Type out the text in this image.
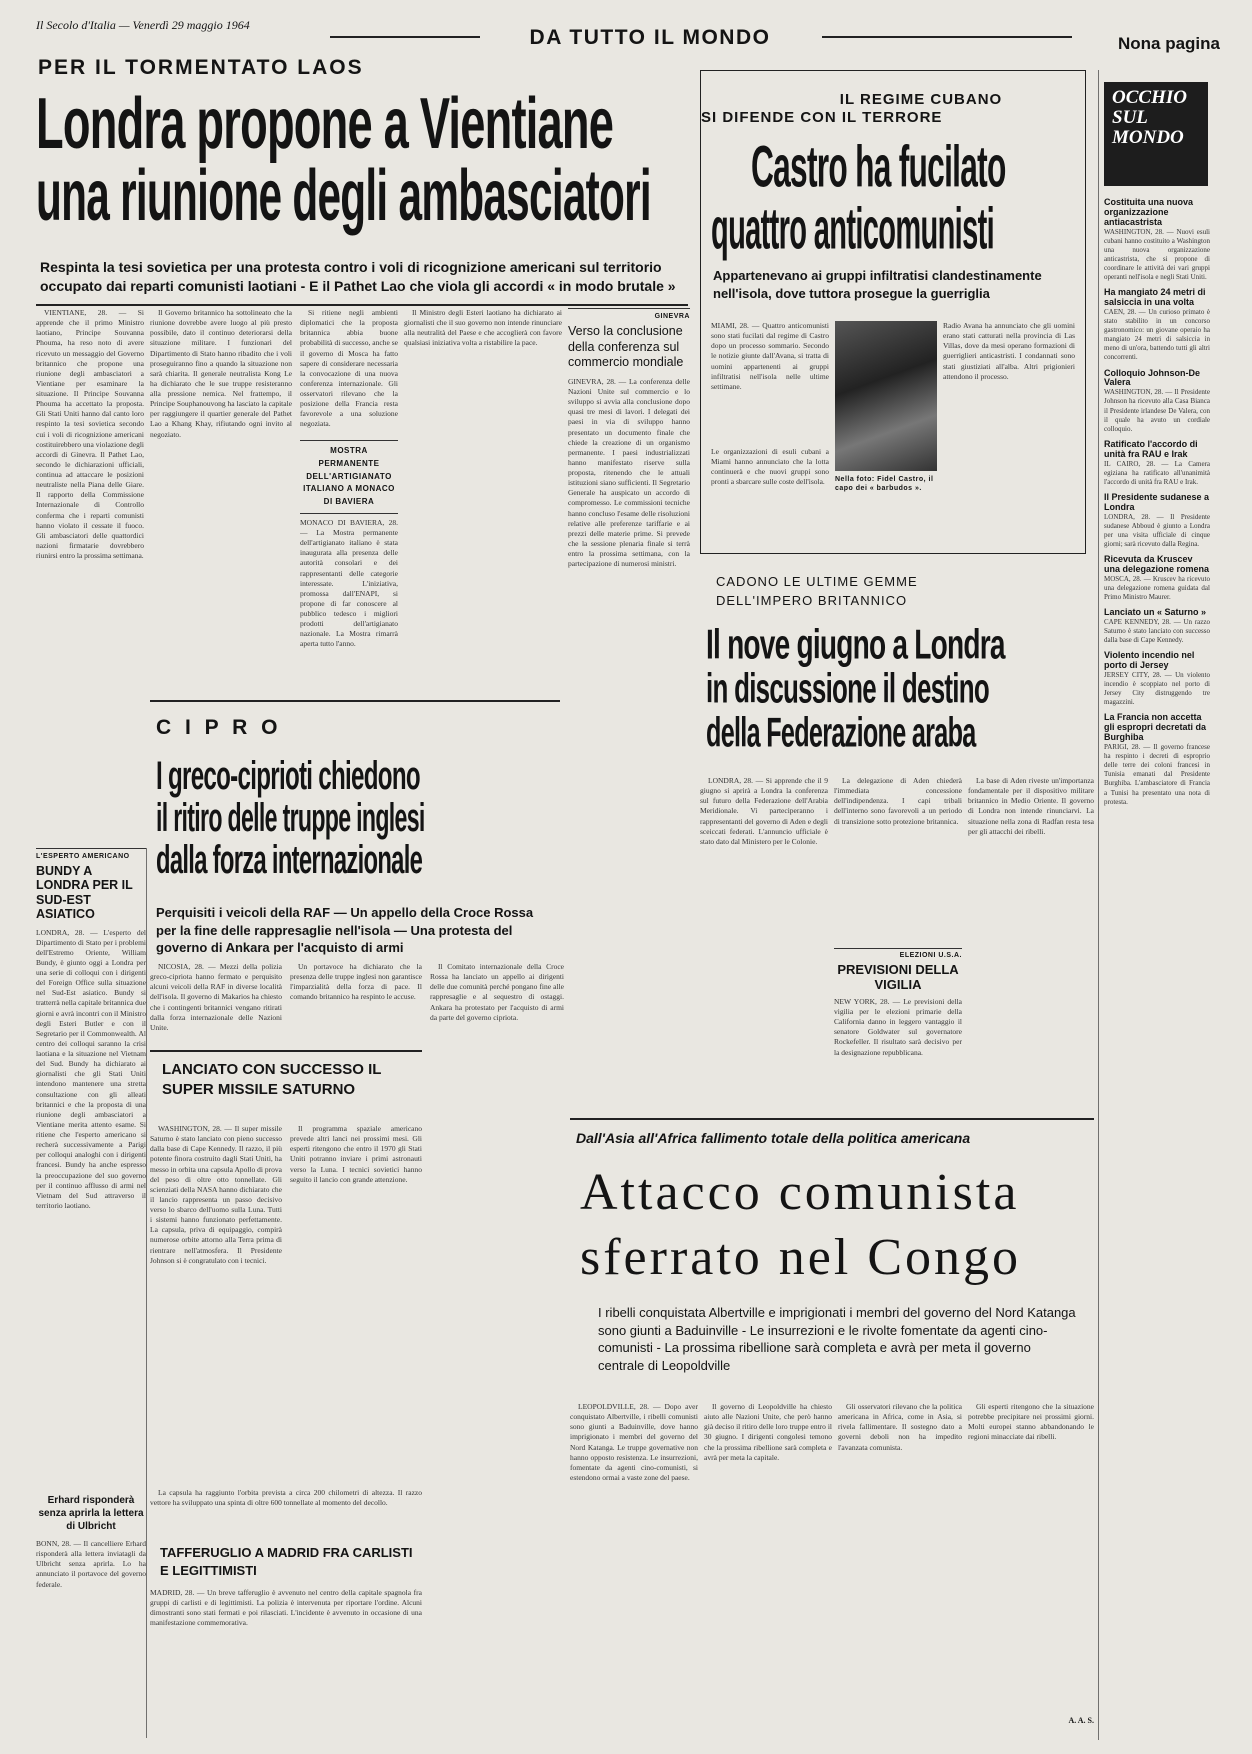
Il Secolo d'Italia — Venerdì 29 maggio 1964
DA TUTTO IL MONDO	Nona pagina
PER IL TORMENTATO LAOS
Londra propone a Vientiane
una riunione degli ambasciatori
Respinta la tesi sovietica per una protesta contro i voli di ricognizione americani sul territorio occupato dai reparti comunisti laotiani - E il Pathet Lao che viola gli accordi « in modo brutale »

VIENTIANE, 28. — Si apprende che il primo Ministro laotiano, Principe Souvanna Phouma, ha reso noto di avere ricevuto un messaggio del Governo britannico che propone una riunione degli ambasciatori a Vientiane per esaminare la situazione. Il Principe Souvanna Phouma ha accettato la proposta. Gli Stati Uniti hanno dal canto loro respinto la tesi sovietica secondo cui i voli di ricognizione americani costituirebbero una violazione degli accordi di Ginevra. Il Pathet Lao, secondo le dichiarazioni ufficiali, continua ad attaccare le posizioni neutraliste nella Piana delle Giare. Il rapporto della Commissione Internazionale di Controllo conferma che i reparti comunisti hanno violato il cessate il fuoco. Gli ambasciatori delle quattordici nazioni firmatarie dovrebbero riunirsi entro la prossima settimana.

Il Governo britannico ha sottolineato che la riunione dovrebbe avere luogo al più presto possibile, dato il continuo deteriorarsi della situazione militare. I funzionari del Dipartimento di Stato hanno ribadito che i voli proseguiranno fino a quando la situazione non sarà chiarita. Il generale neutralista Kong Le ha dichiarato che le sue truppe resisteranno alla pressione nemica. Nel frattempo, il Principe Souphanouvong ha lasciato la capitale per raggiungere il quartier generale del Pathet Lao a Khang Khay, rifiutando ogni invito al negoziato.

Si ritiene negli ambienti diplomatici che la proposta britannica abbia buone probabilità di successo, anche se il governo di Mosca ha fatto sapere di considerare necessaria la convocazione di una nuova conferenza internazionale. Gli osservatori rilevano che la posizione della Francia resta favorevole a una soluzione negoziata.

Il Ministro degli Esteri laotiano ha dichiarato ai giornalisti che il suo governo non intende rinunciare alla neutralità del Paese e che accoglierà con favore qualsiasi iniziativa volta a ristabilire la pace.

MOSTRA PERMANENTE DELL'ARTIGIANATO ITALIANO A MONACO DI BAVIERA
MONACO DI BAVIERA, 28. — La Mostra permanente dell'artigianato italiano è stata inaugurata alla presenza delle autorità consolari e dei rappresentanti delle categorie interessate. L'iniziativa, promossa dall'ENAPI, si propone di far conoscere al pubblico tedesco i migliori prodotti dell'artigianato nazionale. La Mostra rimarrà aperta tutto l'anno.
GINEVRA
Verso la conclusione della conferenza sul commercio mondiale
GINEVRA, 28. — La conferenza delle Nazioni Unite sul commercio e lo sviluppo si avvia alla conclusione dopo quasi tre mesi di lavori. I delegati dei paesi in via di sviluppo hanno presentato un documento finale che chiede la creazione di un organismo permanente. I paesi industrializzati hanno manifestato riserve sulla proposta, ritenendo che le attuali istituzioni siano sufficienti. Il Segretario Generale ha auspicato un accordo di compromesso. Le commissioni tecniche hanno concluso l'esame delle risoluzioni relative alle preferenze tariffarie e ai prezzi delle materie prime. Si prevede che la sessione plenaria finale si terrà entro la prossima settimana, con la partecipazione di numerosi ministri.
IL REGIME CUBANO
SI DIFENDE CON IL TERRORE
Castro ha fucilato
quattro anticomunisti
Appartenevano ai gruppi infiltratisi clandestinamente nell'isola, dove tuttora prosegue la guerriglia
Nella foto: Fidel Castro, il capo dei « barbudos ».
MIAMI, 28. — Quattro anticomunisti sono stati fucilati dal regime di Castro dopo un processo sommario. Secondo le notizie giunte dall'Avana, si tratta di uomini appartenenti ai gruppi infiltratisi nell'isola nelle ultime settimane.
Le organizzazioni di esuli cubani a Miami hanno annunciato che la lotta continuerà e che nuovi gruppi sono pronti a sbarcare sulle coste dell'isola.
Radio Avana ha annunciato che gli uomini erano stati catturati nella provincia di Las Villas, dove da mesi operano formazioni di guerriglieri anticastristi. I condannati sono stati giustiziati all'alba. Altri prigionieri attendono il processo.
OCCHIO
SUL
MONDO
Costituita una nuova organizzazione antiacastrista
WASHINGTON, 28. — Nuovi esuli cubani hanno costituito a Washington una nuova organizzazione anticastrista, che si propone di coordinare le attività dei vari gruppi operanti nell'isola e negli Stati Uniti.
Ha mangiato 24 metri di salsiccia in una volta
CAEN, 28. — Un curioso primato è stato stabilito in un concorso gastronomico: un giovane operaio ha mangiato 24 metri di salsiccia in meno di un'ora, battendo tutti gli altri concorrenti.
Colloquio Johnson-De Valera
WASHINGTON, 28. — Il Presidente Johnson ha ricevuto alla Casa Bianca il Presidente irlandese De Valera, con il quale ha avuto un cordiale colloquio.
Ratificato l'accordo di unità fra RAU e Irak
IL CAIRO, 28. — La Camera egiziana ha ratificato all'unanimità l'accordo di unità fra RAU e Irak.
Il Presidente sudanese a Londra
LONDRA, 28. — Il Presidente sudanese Abboud è giunto a Londra per una visita ufficiale di cinque giorni; sarà ricevuto dalla Regina.
Ricevuta da Kruscev una delegazione romena
MOSCA, 28. — Kruscev ha ricevuto una delegazione romena guidata dal Primo Ministro Maurer.
Lanciato un « Saturno »
CAPE KENNEDY, 28. — Un razzo Saturno è stato lanciato con successo dalla base di Cape Kennedy.
Violento incendio nel porto di Jersey
JERSEY CITY, 28. — Un violento incendio è scoppiato nel porto di Jersey City distruggendo tre magazzini.
La Francia non accetta gli espropri decretati da Burghiba
PARIGI, 28. — Il governo francese ha respinto i decreti di esproprio delle terre dei coloni francesi in Tunisia emanati dal Presidente Burghiba. L'ambasciatore di Francia a Tunisi ha presentato una nota di protesta.
L'ESPERTO AMERICANO
BUNDY A LONDRA PER IL SUD-EST ASIATICO
LONDRA, 28. — L'esperto del Dipartimento di Stato per i problemi dell'Estremo Oriente, William Bundy, è giunto oggi a Londra per una serie di colloqui con i dirigenti del Foreign Office sulla situazione nel Sud-Est asiatico. Bundy si tratterrà nella capitale britannica due giorni e avrà incontri con il Ministro degli Esteri Butler e con il Segretario per il Commonwealth. Al centro dei colloqui saranno la crisi laotiana e la situazione nel Vietnam del Sud. Bundy ha dichiarato ai giornalisti che gli Stati Uniti intendono mantenere una stretta consultazione con gli alleati britannici e che la proposta di una riunione degli ambasciatori a Vientiane merita attento esame. Si ritiene che l'esperto americano si recherà successivamente a Parigi per colloqui analoghi con i dirigenti francesi. Bundy ha anche espresso la preoccupazione del suo governo per il continuo afflusso di armi nel Vietnam del Sud attraverso il territorio laotiano.
Erhard risponderà senza aprirla la lettera di Ulbricht
BONN, 28. — Il cancelliere Erhard risponderà alla lettera inviatagli da Ulbricht senza aprirla. Lo ha annunciato il portavoce del governo federale.
C I P R O
I greco-ciprioti chiedono
il ritiro delle truppe inglesi
dalla forza internazionale
Perquisiti i veicoli della RAF — Un appello della Croce Rossa per la fine delle rappresaglie nell'isola — Una protesta del governo di Ankara per l'acquisto di armi

NICOSIA, 28. — Mezzi della polizia greco-cipriota hanno fermato e perquisito alcuni veicoli della RAF in diverse località dell'isola. Il governo di Makarios ha chiesto che i contingenti britannici vengano ritirati dalla forza internazionale delle Nazioni Unite.

Un portavoce ha dichiarato che la presenza delle truppe inglesi non garantisce l'imparzialità della forza di pace. Il comando britannico ha respinto le accuse.

Il Comitato internazionale della Croce Rossa ha lanciato un appello ai dirigenti delle due comunità perché pongano fine alle rappresaglie e al sequestro di ostaggi. Ankara ha protestato per l'acquisto di armi da parte del governo cipriota.

LANCIATO CON SUCCESSO IL SUPER MISSILE SATURNO

WASHINGTON, 28. — Il super missile Saturno è stato lanciato con pieno successo dalla base di Cape Kennedy. Il razzo, il più potente finora costruito dagli Stati Uniti, ha messo in orbita una capsula Apollo di prova del peso di oltre otto tonnellate. Gli scienziati della NASA hanno dichiarato che il lancio rappresenta un passo decisivo verso lo sbarco dell'uomo sulla Luna. Tutti i sistemi hanno funzionato perfettamente. La capsula, priva di equipaggio, compirà numerose orbite attorno alla Terra prima di rientrare nell'atmosfera. Il Presidente Johnson si è congratulato con i tecnici.

Il programma spaziale americano prevede altri lanci nei prossimi mesi. Gli esperti ritengono che entro il 1970 gli Stati Uniti potranno inviare i primi astronauti verso la Luna. I tecnici sovietici hanno seguito il lancio con grande attenzione.

La capsula ha raggiunto l'orbita prevista a circa 200 chilometri di altezza. Il razzo vettore ha sviluppato una spinta di oltre 600 tonnellate al momento del decollo.

TAFFERUGLIO A MADRID FRA CARLISTI E LEGITTIMISTI
MADRID, 28. — Un breve tafferuglio è avvenuto nel centro della capitale spagnola fra gruppi di carlisti e di legittimisti. La polizia è intervenuta per riportare l'ordine. Alcuni dimostranti sono stati fermati e poi rilasciati. L'incidente è avvenuto in occasione di una manifestazione commemorativa.
CADONO LE ULTIME GEMME
DELL'IMPERO BRITANNICO
Il nove giugno a Londra
in discussione il destino
della Federazione araba

LONDRA, 28. — Si apprende che il 9 giugno si aprirà a Londra la conferenza sul futuro della Federazione dell'Arabia Meridionale. Vi parteciperanno i rappresentanti del governo di Aden e degli sceiccati federati. L'annuncio ufficiale è stato dato dal Ministero per le Colonie.

La delegazione di Aden chiederà l'immediata concessione dell'indipendenza. I capi tribali dell'interno sono favorevoli a un periodo di transizione sotto protezione britannica.

La base di Aden riveste un'importanza fondamentale per il dispositivo militare britannico in Medio Oriente. Il governo di Londra non intende rinunciarvi. La situazione nella zona di Radfan resta tesa per gli attacchi dei ribelli.

ELEZIONI U.S.A.
PREVISIONI DELLA VIGILIA
NEW YORK, 28. — Le previsioni della vigilia per le elezioni primarie della California danno in leggero vantaggio il senatore Goldwater sul governatore Rockefeller. Il risultato sarà decisivo per la designazione repubblicana.
Dall'Asia all'Africa fallimento totale della politica americana
Attacco comunista
sferrato nel Congo
I ribelli conquistata Albertville e imprigionati i membri del governo del Nord Katanga sono giunti a Baduinville - Le insurrezioni e le rivolte fomentate da agenti cino-comunisti - La prossima ribellione sarà completa e avrà per meta il governo centrale di Leopoldville

LEOPOLDVILLE, 28. — Dopo aver conquistato Albertville, i ribelli comunisti sono giunti a Baduinville, dove hanno imprigionato i membri del governo del Nord Katanga. Le truppe governative non hanno opposto resistenza. Le insurrezioni, fomentate da agenti cino-comunisti, si estendono ormai a vaste zone del paese.

Il governo di Leopoldville ha chiesto aiuto alle Nazioni Unite, che però hanno già deciso il ritiro delle loro truppe entro il 30 giugno. I dirigenti congolesi temono che la prossima ribellione sarà completa e avrà per meta la capitale.

Gli osservatori rilevano che la politica americana in Africa, come in Asia, si rivela fallimentare. Il sostegno dato a governi deboli non ha impedito l'avanzata comunista.

Gli esperti ritengono che la situazione potrebbe precipitare nei prossimi giorni. Molti europei stanno abbandonando le regioni minacciate dai ribelli.

A. A. S.
